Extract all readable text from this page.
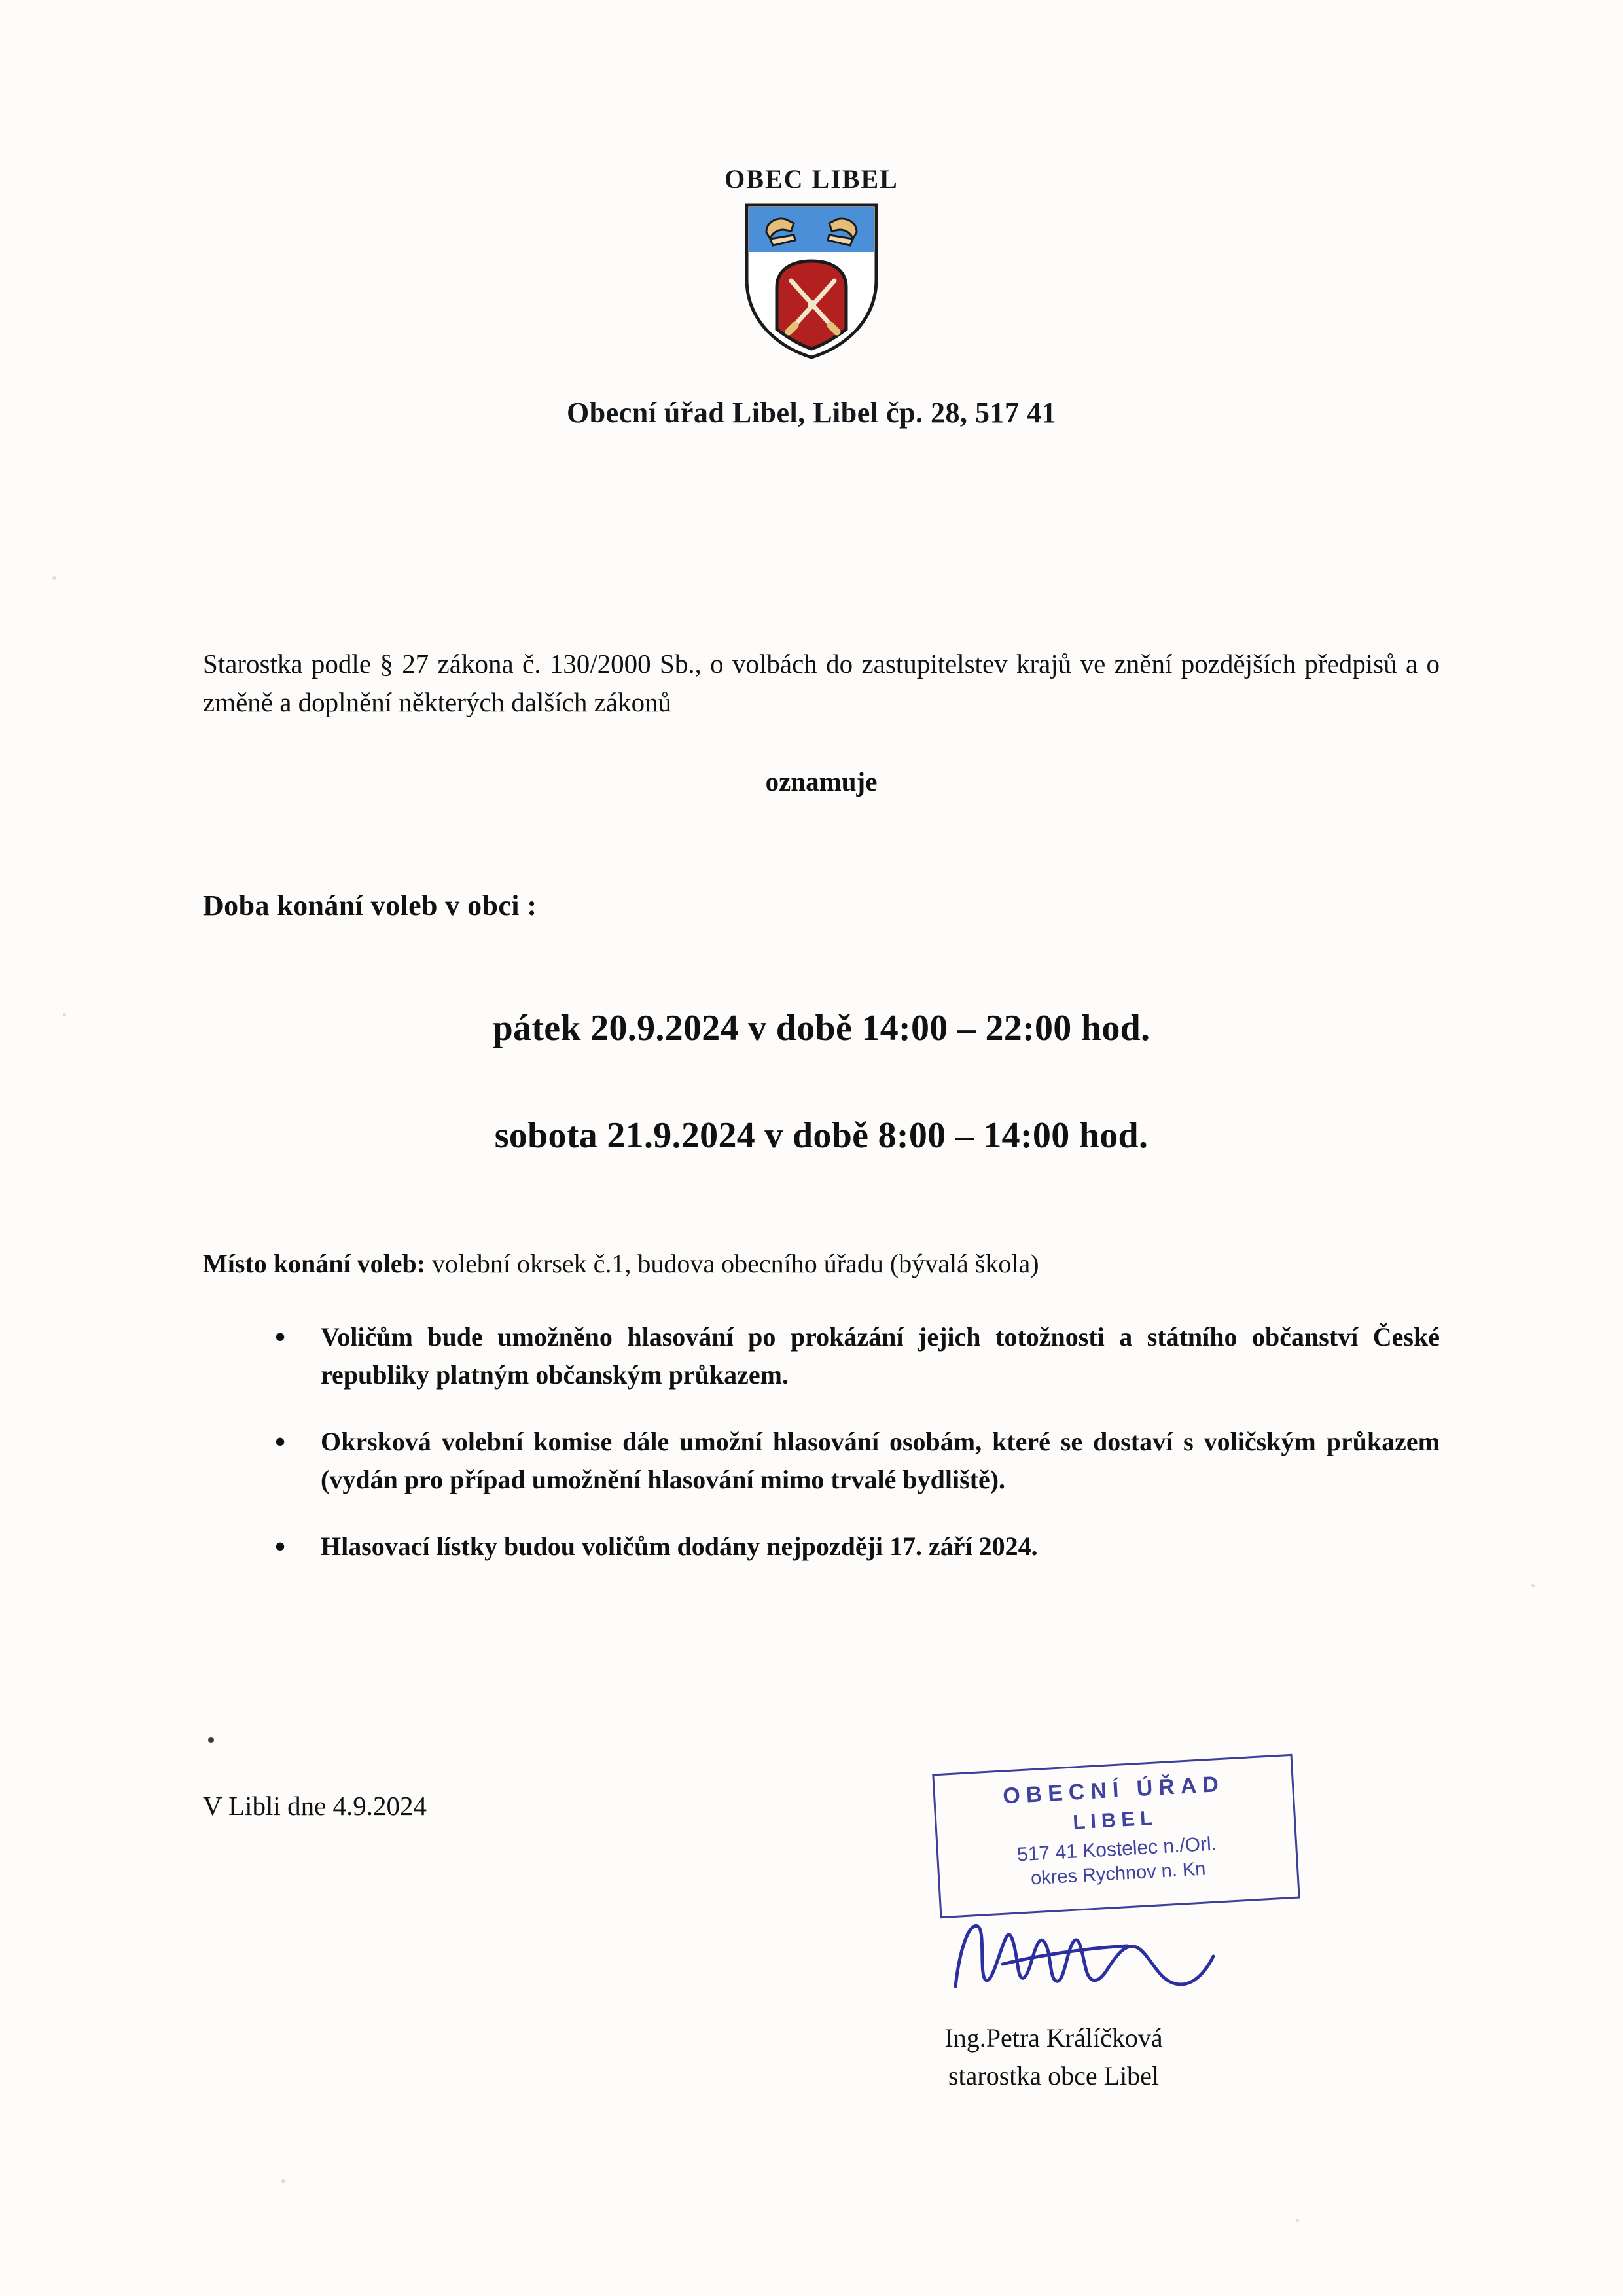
OBEC LIBEL
Obecní úřad Libel, Libel čp. 28, 517 41

Starostka podle § 27 zákona č. 130/2000 Sb., o volbách do zastupitelstev krajů ve znění pozdějších předpisů a o změně a doplnění některých dalších zákonů

oznamuje
Doba konání voleb v obci :
pátek 20.9.2024 v době 14:00 – 22:00 hod.
sobota 21.9.2024 v době 8:00 – 14:00 hod.
Místo konání voleb: volební okrsek č.1, budova obecního úřadu (bývalá škola)
• Voličům bude umožněno hlasování po prokázání jejich totožnosti a státního občanství České republiky platným občanským průkazem.
• Okrsková volební komise dále umožní hlasování osobám, které se dostaví s voličským průkazem (vydán pro případ umožnění hlasování mimo trvalé bydliště).
• Hlasovací lístky budou voličům dodány nejpozději 17. září 2024.
V Libli dne 4.9.2024	OBECNÍ ÚŘAD
LIBEL
517 41 Kostelec n./Orl.
okres Rychnov n. Kn
Ing.Petra Králíčková
starostka obce Libel
